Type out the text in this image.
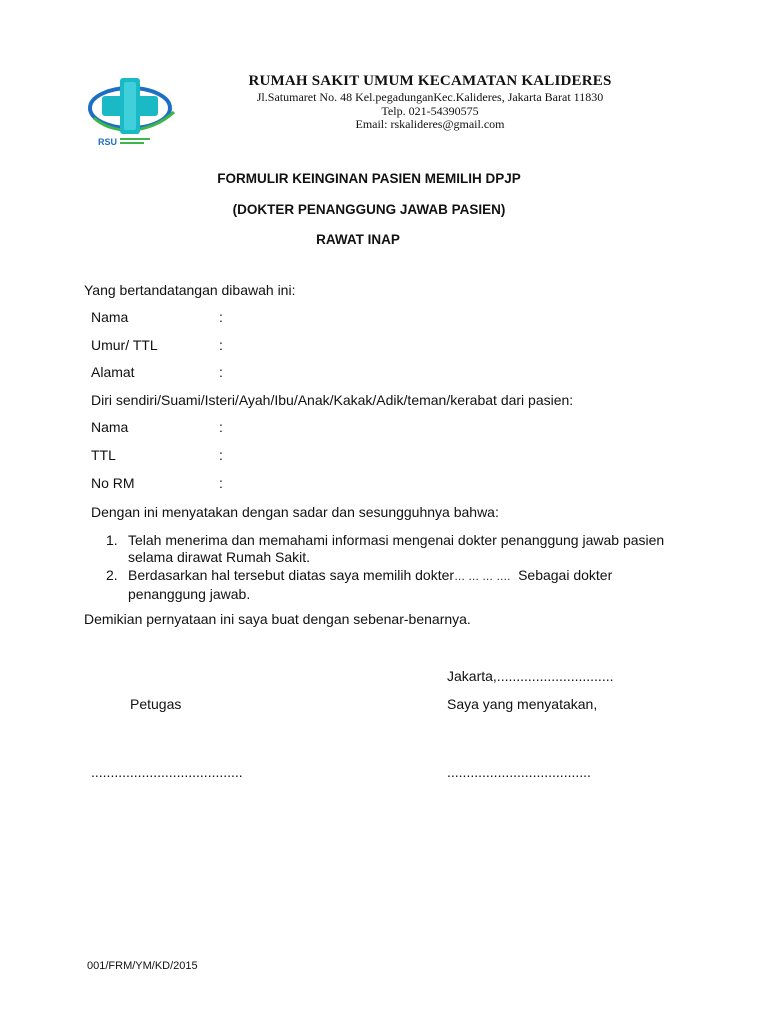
RSU
RUMAH SAKIT UMUM KECAMATAN KALIDERES
Jl.Satumaret No. 48 Kel.pegadunganKec.Kalideres, Jakarta Barat 11830
Telp. 021-54390575
Email: rskalideres@gmail.com
FORMULIR KEINGINAN PASIEN MEMILIH DPJP
(DOKTER PENANGGUNG JAWAB PASIEN)
RAWAT INAP
Yang bertandatangan dibawah ini:
Nama	:
Umur/ TTL	:
Alamat	:
Diri sendiri/Suami/Isteri/Ayah/Ibu/Anak/Kakak/Adik/teman/kerabat dari pasien:
Nama	:
TTL	:
No RM	:
Dengan ini menyatakan dengan sadar dan sesungguhnya bahwa:
1. Telah menerima dan memahami informasi mengenai dokter penanggung jawab pasien selama dirawat Rumah Sakit.
2. Berdasarkan hal tersebut diatas saya memilih dokter… … … ….  Sebagai dokter penanggung jawab.
Demikian pernyataan ini saya buat dengan sebenar-benarnya.
Jakarta,..............................
Petugas	Saya yang menyatakan,
.......................................	.....................................
001/FRM/YM/KD/2015
